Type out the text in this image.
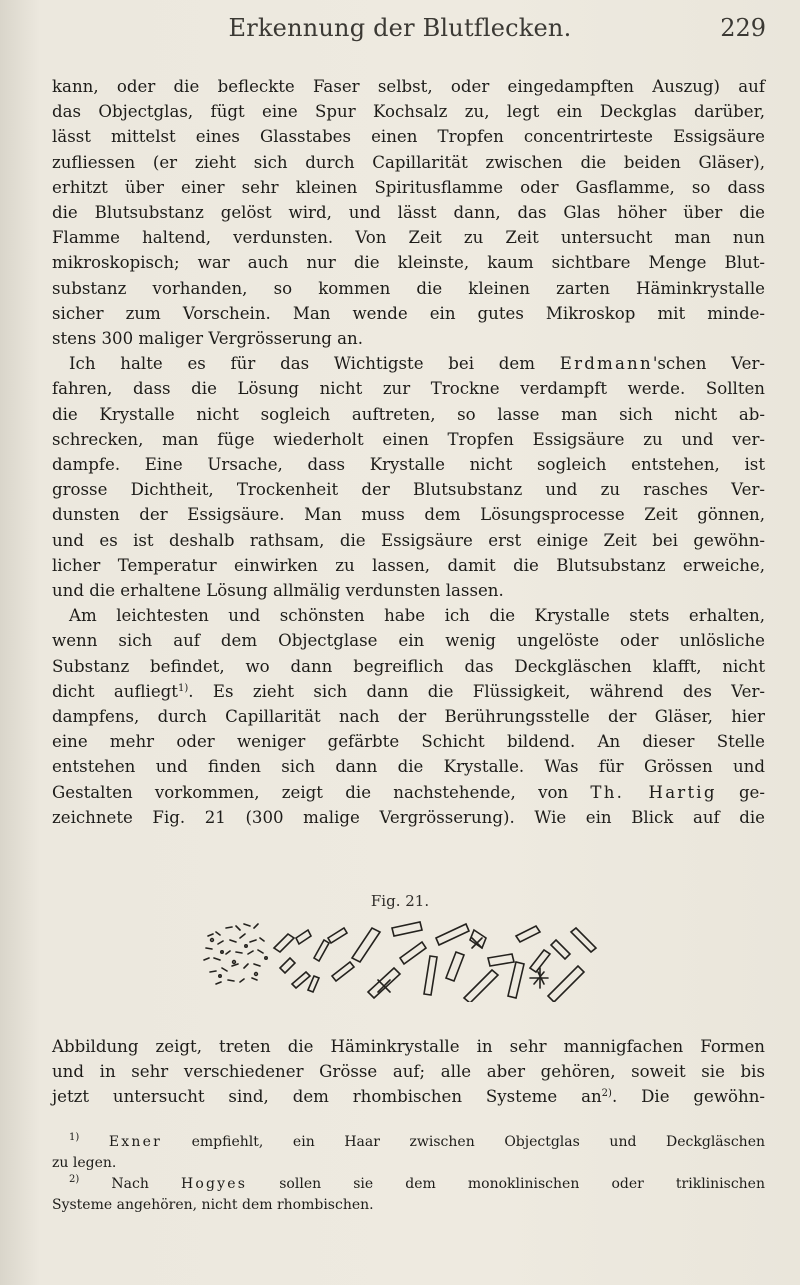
Erkennung der Blutflecken.	229

kann, oder die befleckte Faser selbst, oder eingedampften Auszug) auf
das Objectglas, fügt eine Spur Kochsalz zu, legt ein Deckglas darüber,
lässt mittelst eines Glasstabes einen Tropfen concentrirteste Essigsäure
zufliessen (er zieht sich durch Capillarität zwischen die beiden Gläser),
erhitzt über einer sehr kleinen Spiritusflamme oder Gasflamme, so dass
die Blutsubstanz gelöst wird, und lässt dann, das Glas höher über die
Flamme haltend, verdunsten. Von Zeit zu Zeit untersucht man nun
mikroskopisch; war auch nur die kleinste, kaum sichtbare Menge Blut-
substanz vorhanden, so kommen die kleinen zarten Häminkrystalle
sicher zum Vorschein. Man wende ein gutes Mikroskop mit minde-
stens 300 maliger Vergrösserung an.

Ich halte es für das Wichtigste bei dem Erdmann'schen Ver-
fahren, dass die Lösung nicht zur Trockne verdampft werde. Sollten
die Krystalle nicht sogleich auftreten, so lasse man sich nicht ab-
schrecken, man füge wiederholt einen Tropfen Essigsäure zu und ver-
dampfe. Eine Ursache, dass Krystalle nicht sogleich entstehen, ist
grosse Dichtheit, Trockenheit der Blutsubstanz und zu rasches Ver-
dunsten der Essigsäure. Man muss dem Lösungsprocesse Zeit gönnen,
und es ist deshalb rathsam, die Essigsäure erst einige Zeit bei gewöhn-
licher Temperatur einwirken zu lassen, damit die Blutsubstanz erweiche,
und die erhaltene Lösung allmälig verdunsten lassen.

Am leichtesten und schönsten habe ich die Krystalle stets erhalten,
wenn sich auf dem Objectglase ein wenig ungelöste oder unlösliche
Substanz befindet, wo dann begreiflich das Deckgläschen klafft, nicht
dicht aufliegt$^{1)}$. Es zieht sich dann die Flüssigkeit, während des Ver-
dampfens, durch Capillarität nach der Berührungsstelle der Gläser, hier
eine mehr oder weniger gefärbte Schicht bildend. An dieser Stelle
entstehen und finden sich dann die Krystalle. Was für Grössen und
Gestalten vorkommen, zeigt die nachstehende, von Th. Hartig ge-
zeichnete Fig. 21 (300 malige Vergrösserung). Wie ein Blick auf die

Fig. 21.

Abbildung zeigt, treten die Häminkrystalle in sehr mannigfachen Formen
und in sehr verschiedener Grösse auf; alle aber gehören, soweit sie bis
jetzt untersucht sind, dem rhombischen Systeme $an^{2)}$. Die gewöhn-

$^{1)}$ Exner empfiehlt, ein Haar zwischen Objectglas und Deckgläschen
zu legen.

$^{2)}$ Nach Hogyes sollen sie dem monoklinischen oder triklinischen
Systeme angehören, nicht dem rhombischen.
